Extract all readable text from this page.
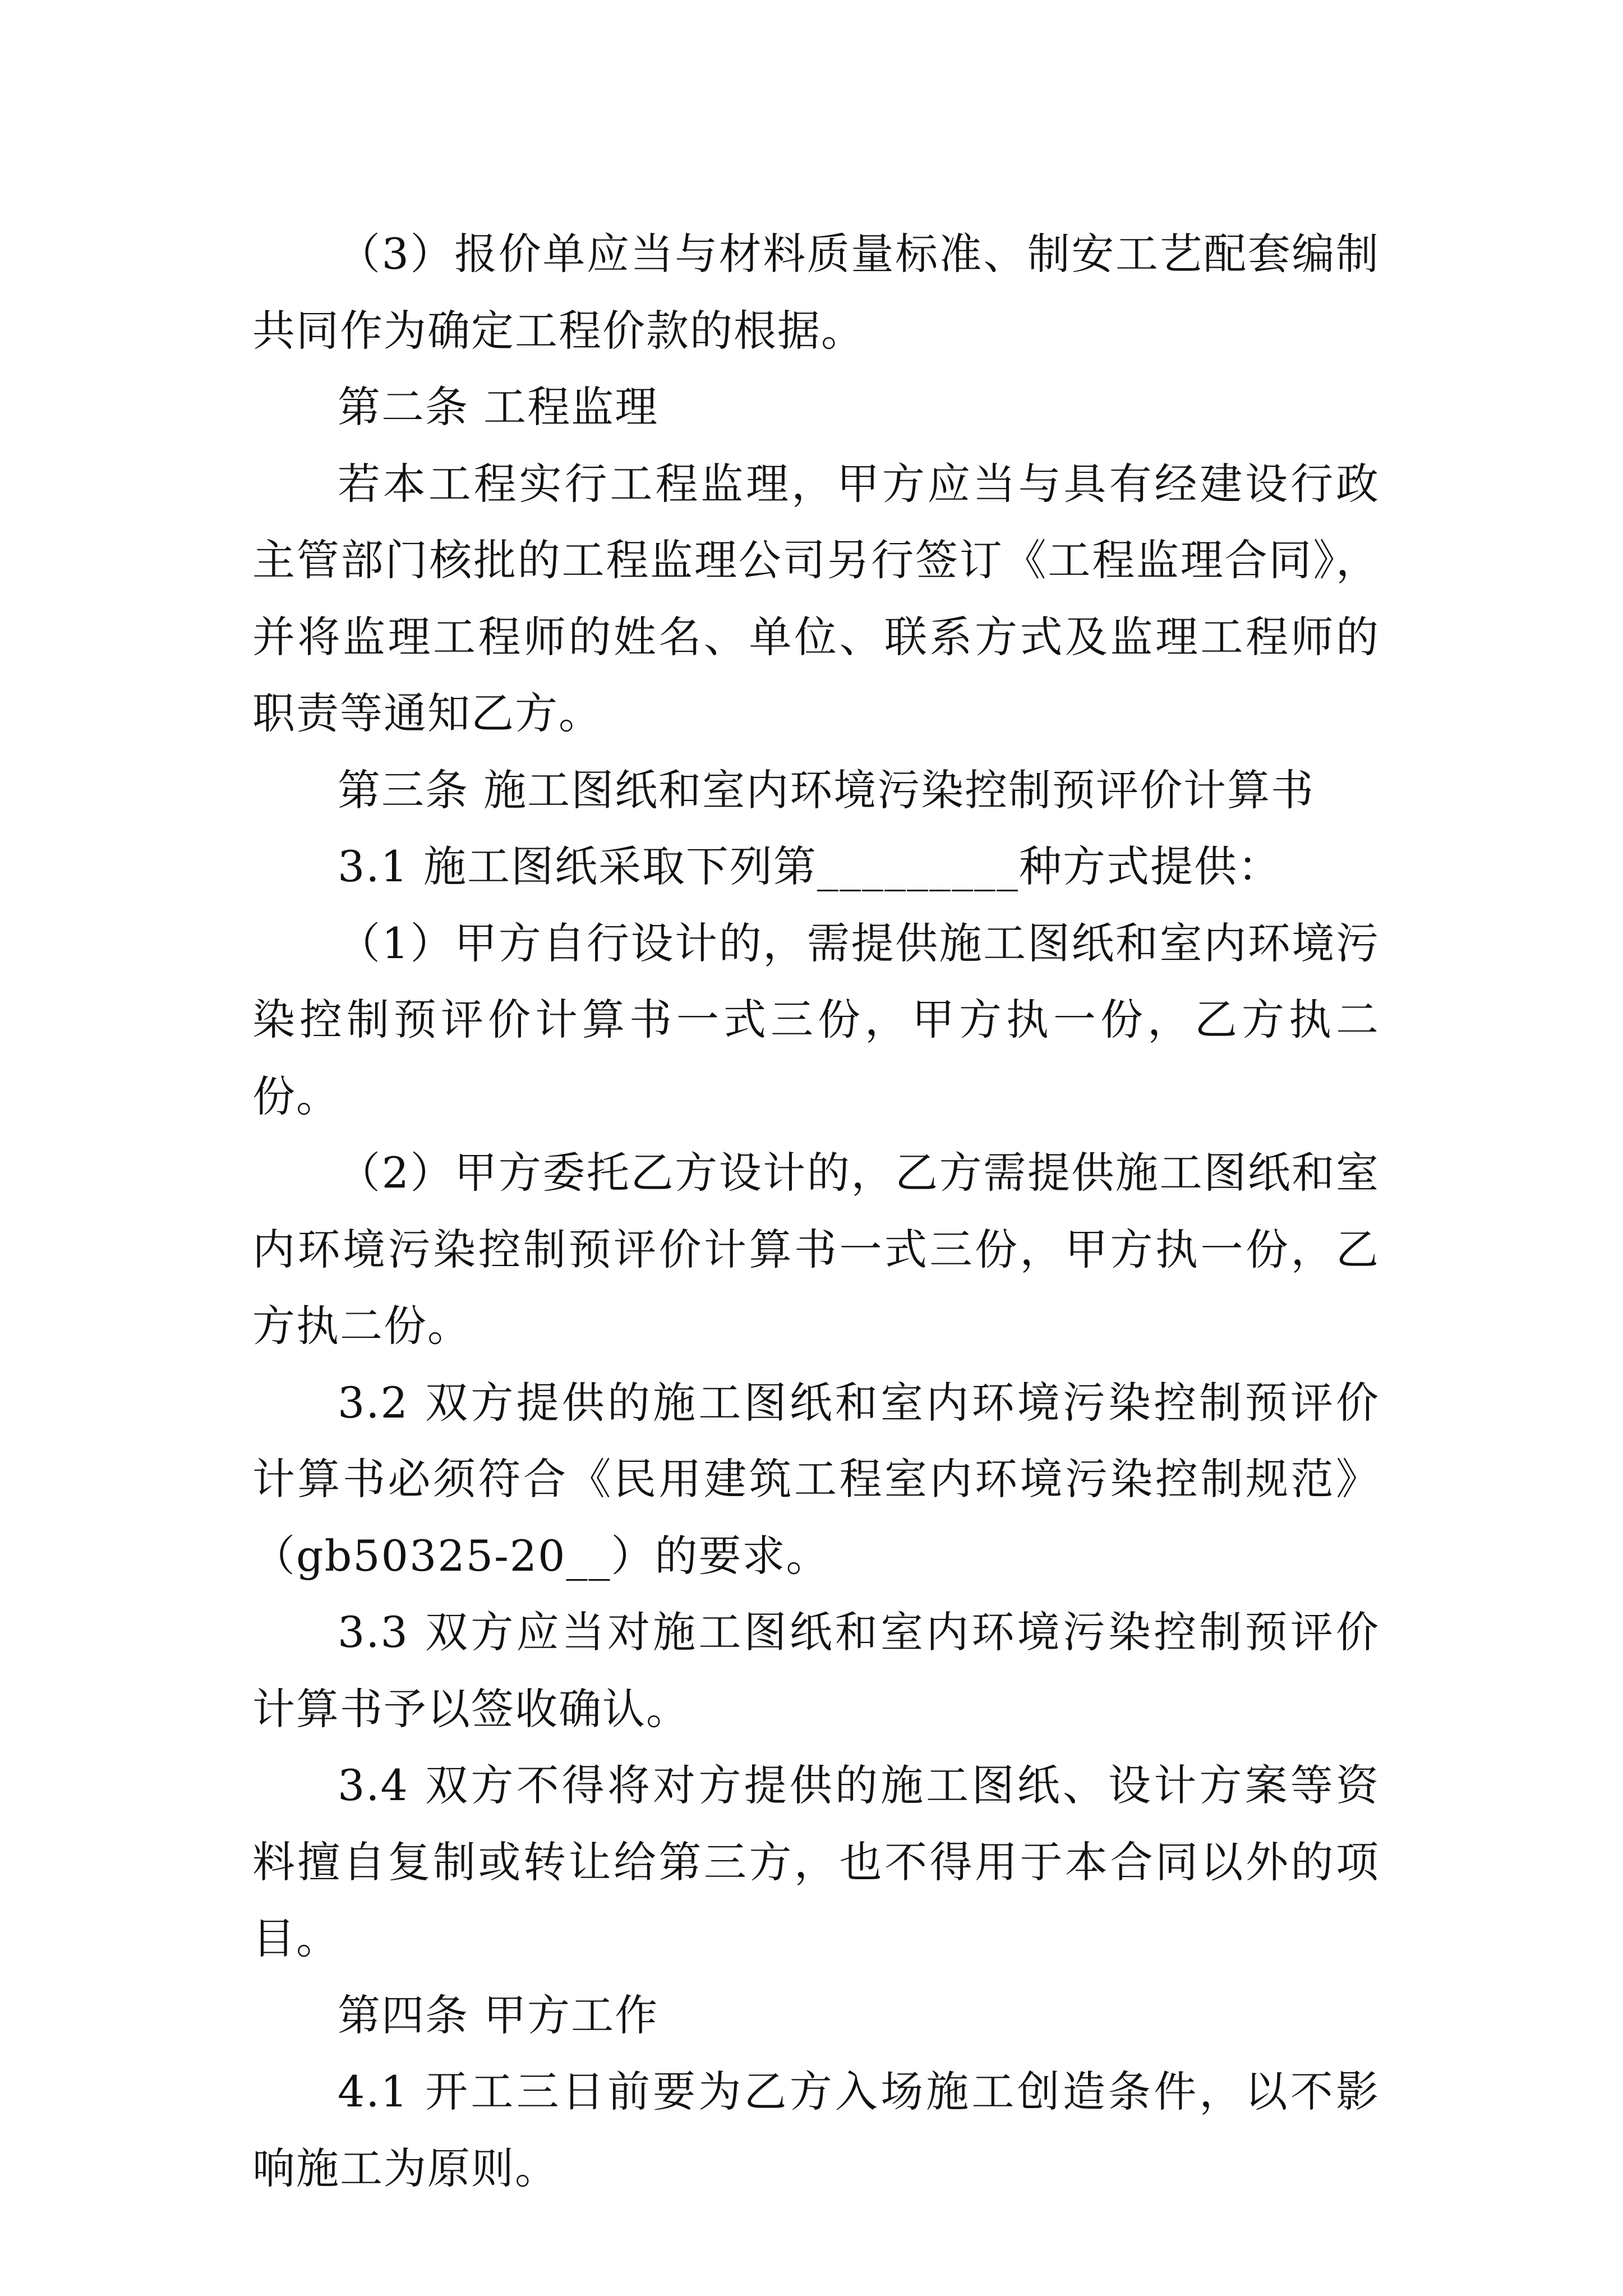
（3）报价单应当与材料质量标准、制安工艺配套编制共同作为确定工程价款的根据。

第二条 工程监理

若本工程实行工程监理，甲方应当与具有经建设行政主管部门核批的工程监理公司另行签订《工程监理合同》，并将监理工程师的姓名、单位、联系方式及监理工程师的职责等通知乙方。

第三条 施工图纸和室内环境污染控制预评价计算书

3.1 施工图纸采取下列第_________种方式提供：

（1）甲方自行设计的，需提供施工图纸和室内环境污染控制预评价计算书一式三份，甲方执一份，乙方执二份。

（2）甲方委托乙方设计的，乙方需提供施工图纸和室内环境污染控制预评价计算书一式三份，甲方执一份，乙方执二份。

3.2 双方提供的施工图纸和室内环境污染控制预评价计算书必须符合《民用建筑工程室内环境污染控制规范》（gb50325-20__）的要求。

3.3 双方应当对施工图纸和室内环境污染控制预评价计算书予以签收确认。

3.4 双方不得将对方提供的施工图纸、设计方案等资料擅自复制或转让给第三方，也不得用于本合同以外的项目。

第四条 甲方工作

4.1 开工三日前要为乙方入场施工创造条件，以不影响施工为原则。
